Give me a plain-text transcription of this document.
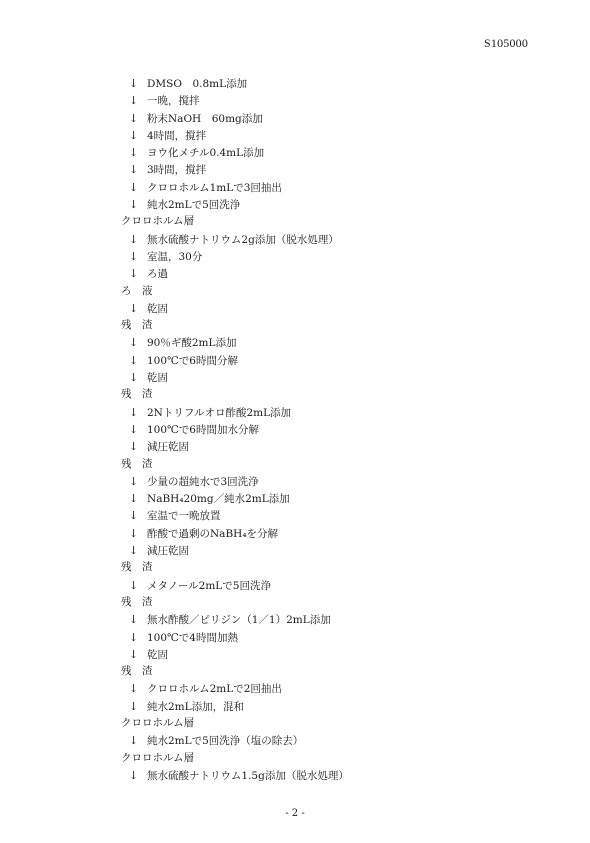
S105000
↓ DMSO　0.8mL添加
↓ 一晩，撹拌
↓ 粉末NaOH　60mg添加
↓ 4時間，撹拌
↓ ヨウ化メチル0.4mL添加
↓ 3時間，撹拌
↓ クロロホルム1mLで3回抽出
↓ 純水2mLで5回洗浄
クロロホルム層
↓ 無水硫酸ナトリウム2g添加（脱水処理）
↓ 室温，30分
↓ ろ過
ろ　液
↓ 乾固
残　渣
↓ 90％ギ酸2mL添加
↓ 100℃で6時間分解
↓ 乾固
残　渣
↓ 2Nトリフルオロ酢酸2mL添加
↓ 100℃で6時間加水分解
↓ 減圧乾固
残　渣
↓ 少量の超純水で3回洗浄
↓ NaBH₄20mg／純水2mL添加
↓ 室温で一晩放置
↓ 酢酸で過剰のNaBH₄を分解
↓ 減圧乾固
残　渣
↓ メタノール2mLで5回洗浄
残　渣
↓ 無水酢酸／ピリジン（1／1）2mL添加
↓ 100℃で4時間加熱
↓ 乾固
残　渣
↓ クロロホルム2mLで2回抽出
↓ 純水2mL添加，混和
クロロホルム層
↓ 純水2mLで5回洗浄（塩の除去）
クロロホルム層
↓ 無水硫酸ナトリウム1.5g添加（脱水処理）
- 2 -
